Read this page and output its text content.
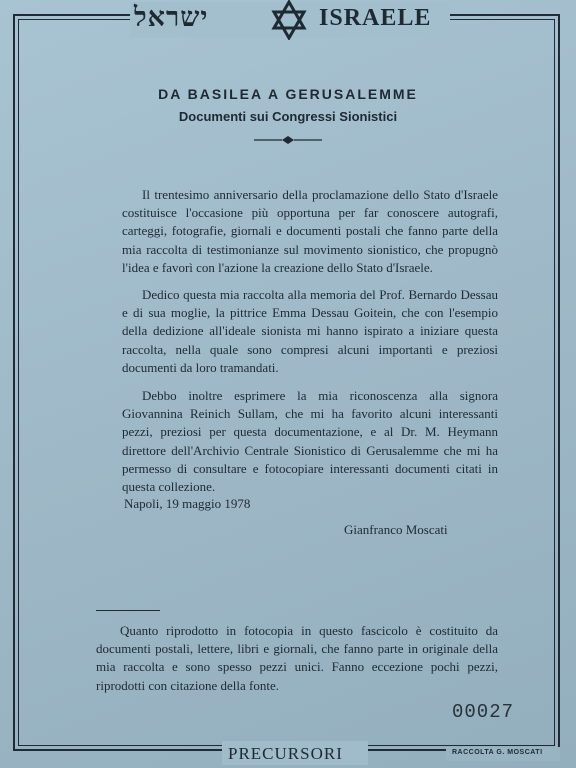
ישראל	ISRAELE
DA BASILEA A GERUSALEMME
Documenti sui Congressi Sionistici

Il trentesimo anniversario della proclamazione dello Stato d'Israele costituisce l'occasione più opportuna per far conoscere autografi, carteggi, fotografie, giornali e documenti postali che fanno parte della mia raccolta di testimonianze sul movimento sionistico, che propugnò l'idea e favorì con l'azione la creazione dello Stato d'Israele.

Dedico questa mia raccolta alla memoria del Prof. Bernardo Dessau e di sua moglie, la pittrice Emma Dessau Goitein, che con l'esempio della dedizione all'ideale sionista mi hanno ispirato a iniziare questa raccolta, nella quale sono compresi alcuni importanti e preziosi documenti da loro tramandati.

Debbo inoltre esprimere la mia riconoscenza alla signora Giovannina Reinich Sullam, che mi ha favorito alcuni interessanti pezzi, preziosi per questa documentazione, e al Dr. M. Heymann direttore dell'Archivio Centrale Sionistico di Gerusalemme che mi ha permesso di consultare e fotocopiare interessanti documenti citati in questa collezione.

Napoli, 19 maggio 1978
Gianfranco Moscati

Quanto riprodotto in fotocopia in questo fascicolo è costituito da documenti postali, lettere, libri e giornali, che fanno parte in originale della mia raccolta e sono spesso pezzi unici. Fanno eccezione pochi pezzi, riprodotti con citazione della fonte.

00027
PRECURSORI	RACCOLTA G. MOSCATI
